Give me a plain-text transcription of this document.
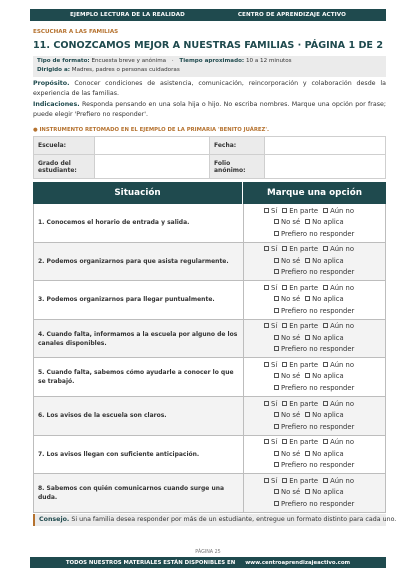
EJEMPLO LECTURA DE LA REALIDAD	CENTRO DE APRENDIZAJE ACTIVO
ESCUCHAR A LAS FAMILIAS
11. CONOZCAMOS MEJOR A NUESTRAS FAMILIAS · PÁGINA 1 DE 2
Tipo de formato: Encuesta breve y anónima · Tiempo aproximado: 10 a 12 minutos
Dirigido a: Madres, padres o personas cuidadoras
Propósito. Conocer condiciones de asistencia, comunicación, reincorporación y colaboración desde la experiencia de las familias.
Indicaciones. Responda pensando en una sola hija o hijo. No escriba nombres. Marque una opción por frase; puede elegir 'Prefiero no responder'.
● INSTRUMENTO RETOMADO EN EL EJEMPLO DE LA PRIMARIA 'BENITO JUÁREZ'.
Escuela:		Fecha:	
Grado del estudiante:		Folio anónimo:	
Situación	Marque una opción
1. Conocemos el horario de entrada y salida.
Sí En parte Aún no
No sé No aplica
Prefiero no responder
2. Podemos organizarnos para que asista regularmente.
Sí En parte Aún no
No sé No aplica
Prefiero no responder
3. Podemos organizarnos para llegar puntualmente.
Sí En parte Aún no
No sé No aplica
Prefiero no responder
4. Cuando falta, informamos a la escuela por alguno de los canales disponibles.
Sí En parte Aún no
No sé No aplica
Prefiero no responder
5. Cuando falta, sabemos cómo ayudarle a conocer lo que se trabajó.
Sí En parte Aún no
No sé No aplica
Prefiero no responder
6. Los avisos de la escuela son claros.
Sí En parte Aún no
No sé No aplica
Prefiero no responder
7. Los avisos llegan con suficiente anticipación.
Sí En parte Aún no
No sé No aplica
Prefiero no responder
8. Sabemos con quién comunicarnos cuando surge una duda.
Sí En parte Aún no
No sé No aplica
Prefiero no responder
Consejo. Si una familia desea responder por más de un estudiante, entregue un formato distinto para cada uno.
PÁGINA 25
TODOS NUESTROS MATERIALES ESTÁN DISPONIBLES EN www.centroaprendizajeactivo.com
